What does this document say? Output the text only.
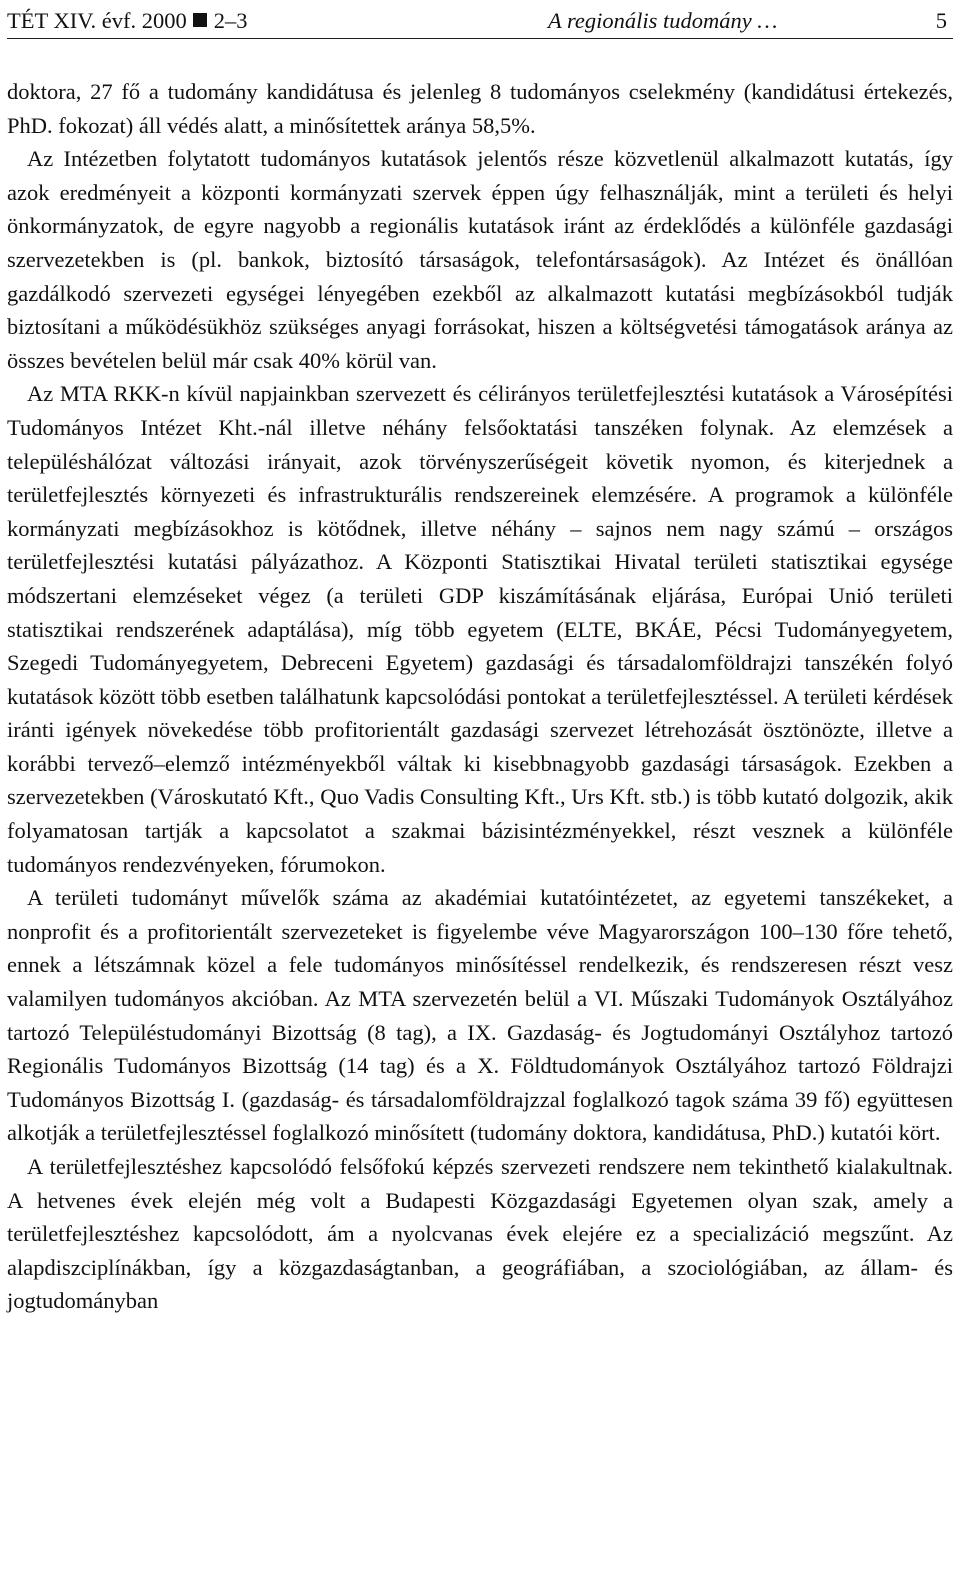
TÉT XIV. évf. 2000 2–3	A regionális tudomány …	5

doktora, 27 fő a tudomány kandidátusa és jelenleg 8 tudományos cselekmény (kandidátusi értekezés, PhD. fokozat) áll védés alatt, a minősítettek aránya 58,5%.

Az Intézetben folytatott tudományos kutatások jelentős része közvetlenül alkalmazott kutatás, így azok eredményeit a központi kormányzati szervek éppen úgy felhasználják, mint a területi és helyi önkormányzatok, de egyre nagyobb a regionális kutatások iránt az érdeklődés a különféle gazdasági szervezetekben is (pl. bankok, biztosító társaságok, telefontársaságok). Az Intézet és önállóan gazdálkodó szervezeti egységei lényegében ezekből az alkalmazott kutatási megbízásokból tudják biztosítani a működésükhöz szükséges anyagi forrásokat, hiszen a költségvetési támogatások aránya az összes bevételen belül már csak 40% körül van.

Az MTA RKK-n kívül napjainkban szervezett és célirányos területfejlesztési kutatások a Városépítési Tudományos Intézet Kht.-nál illetve néhány felsőoktatási tanszéken folynak. Az elemzések a településhálózat változási irányait, azok törvényszerűségeit követik nyomon, és kiterjednek a területfejlesztés környezeti és infrastrukturális rendszereinek elemzésére. A programok a különféle kormányzati megbízásokhoz is kötődnek, illetve néhány – sajnos nem nagy számú – országos területfejlesztési kutatási pályázathoz. A Központi Statisztikai Hivatal területi statisztikai egysége módszertani elemzéseket végez (a területi GDP kiszámításának eljárása, Európai Unió területi statisztikai rendszerének adaptálása), míg több egyetem (ELTE, BKÁE, Pécsi Tudományegyetem, Szegedi Tudományegyetem, Debreceni Egyetem) gazdasági és társadalomföldrajzi tanszékén folyó kutatások között több esetben találhatunk kapcsolódási pontokat a területfejlesztéssel. A területi kérdések iránti igények növekedése több profitorientált gazdasági szervezet létrehozását ösztönözte, illetve a korábbi tervező–elemző intézményekből váltak ki kisebbnagyobb gazdasági társaságok. Ezekben a szervezetekben (Városkutató Kft., Quo Vadis Consulting Kft., Urs Kft. stb.) is több kutató dolgozik, akik folyamatosan tartják a kapcsolatot a szakmai bázisintézményekkel, részt vesznek a különféle tudományos rendezvényeken, fórumokon.

A területi tudományt művelők száma az akadémiai kutatóintézetet, az egyetemi tanszékeket, a nonprofit és a profitorientált szervezeteket is figyelembe véve Magyarországon 100–130 főre tehető, ennek a létszámnak közel a fele tudományos minősítéssel rendelkezik, és rendszeresen részt vesz valamilyen tudományos akcióban. Az MTA szervezetén belül a VI. Műszaki Tudományok Osztályához tartozó Településtudományi Bizottság (8 tag), a IX. Gazdaság- és Jogtudományi Osztályhoz tartozó Regionális Tudományos Bizottság (14 tag) és a X. Földtudományok Osztályához tartozó Földrajzi Tudományos Bizottság I. (gazdaság- és társadalomföldrajzzal foglalkozó tagok száma 39 fő) együttesen alkotják a területfejlesztéssel foglalkozó minősített (tudomány doktora, kandidátusa, PhD.) kutatói kört.

A területfejlesztéshez kapcsolódó felsőfokú képzés szervezeti rendszere nem tekinthető kialakultnak. A hetvenes évek elején még volt a Budapesti Közgazdasági Egyetemen olyan szak, amely a területfejlesztéshez kapcsolódott, ám a nyolcvanas évek elejére ez a specializáció megszűnt. Az alapdiszciplínákban, így a közgazdaságtanban, a geográfiában, a szociológiában, az állam- és jogtudományban
